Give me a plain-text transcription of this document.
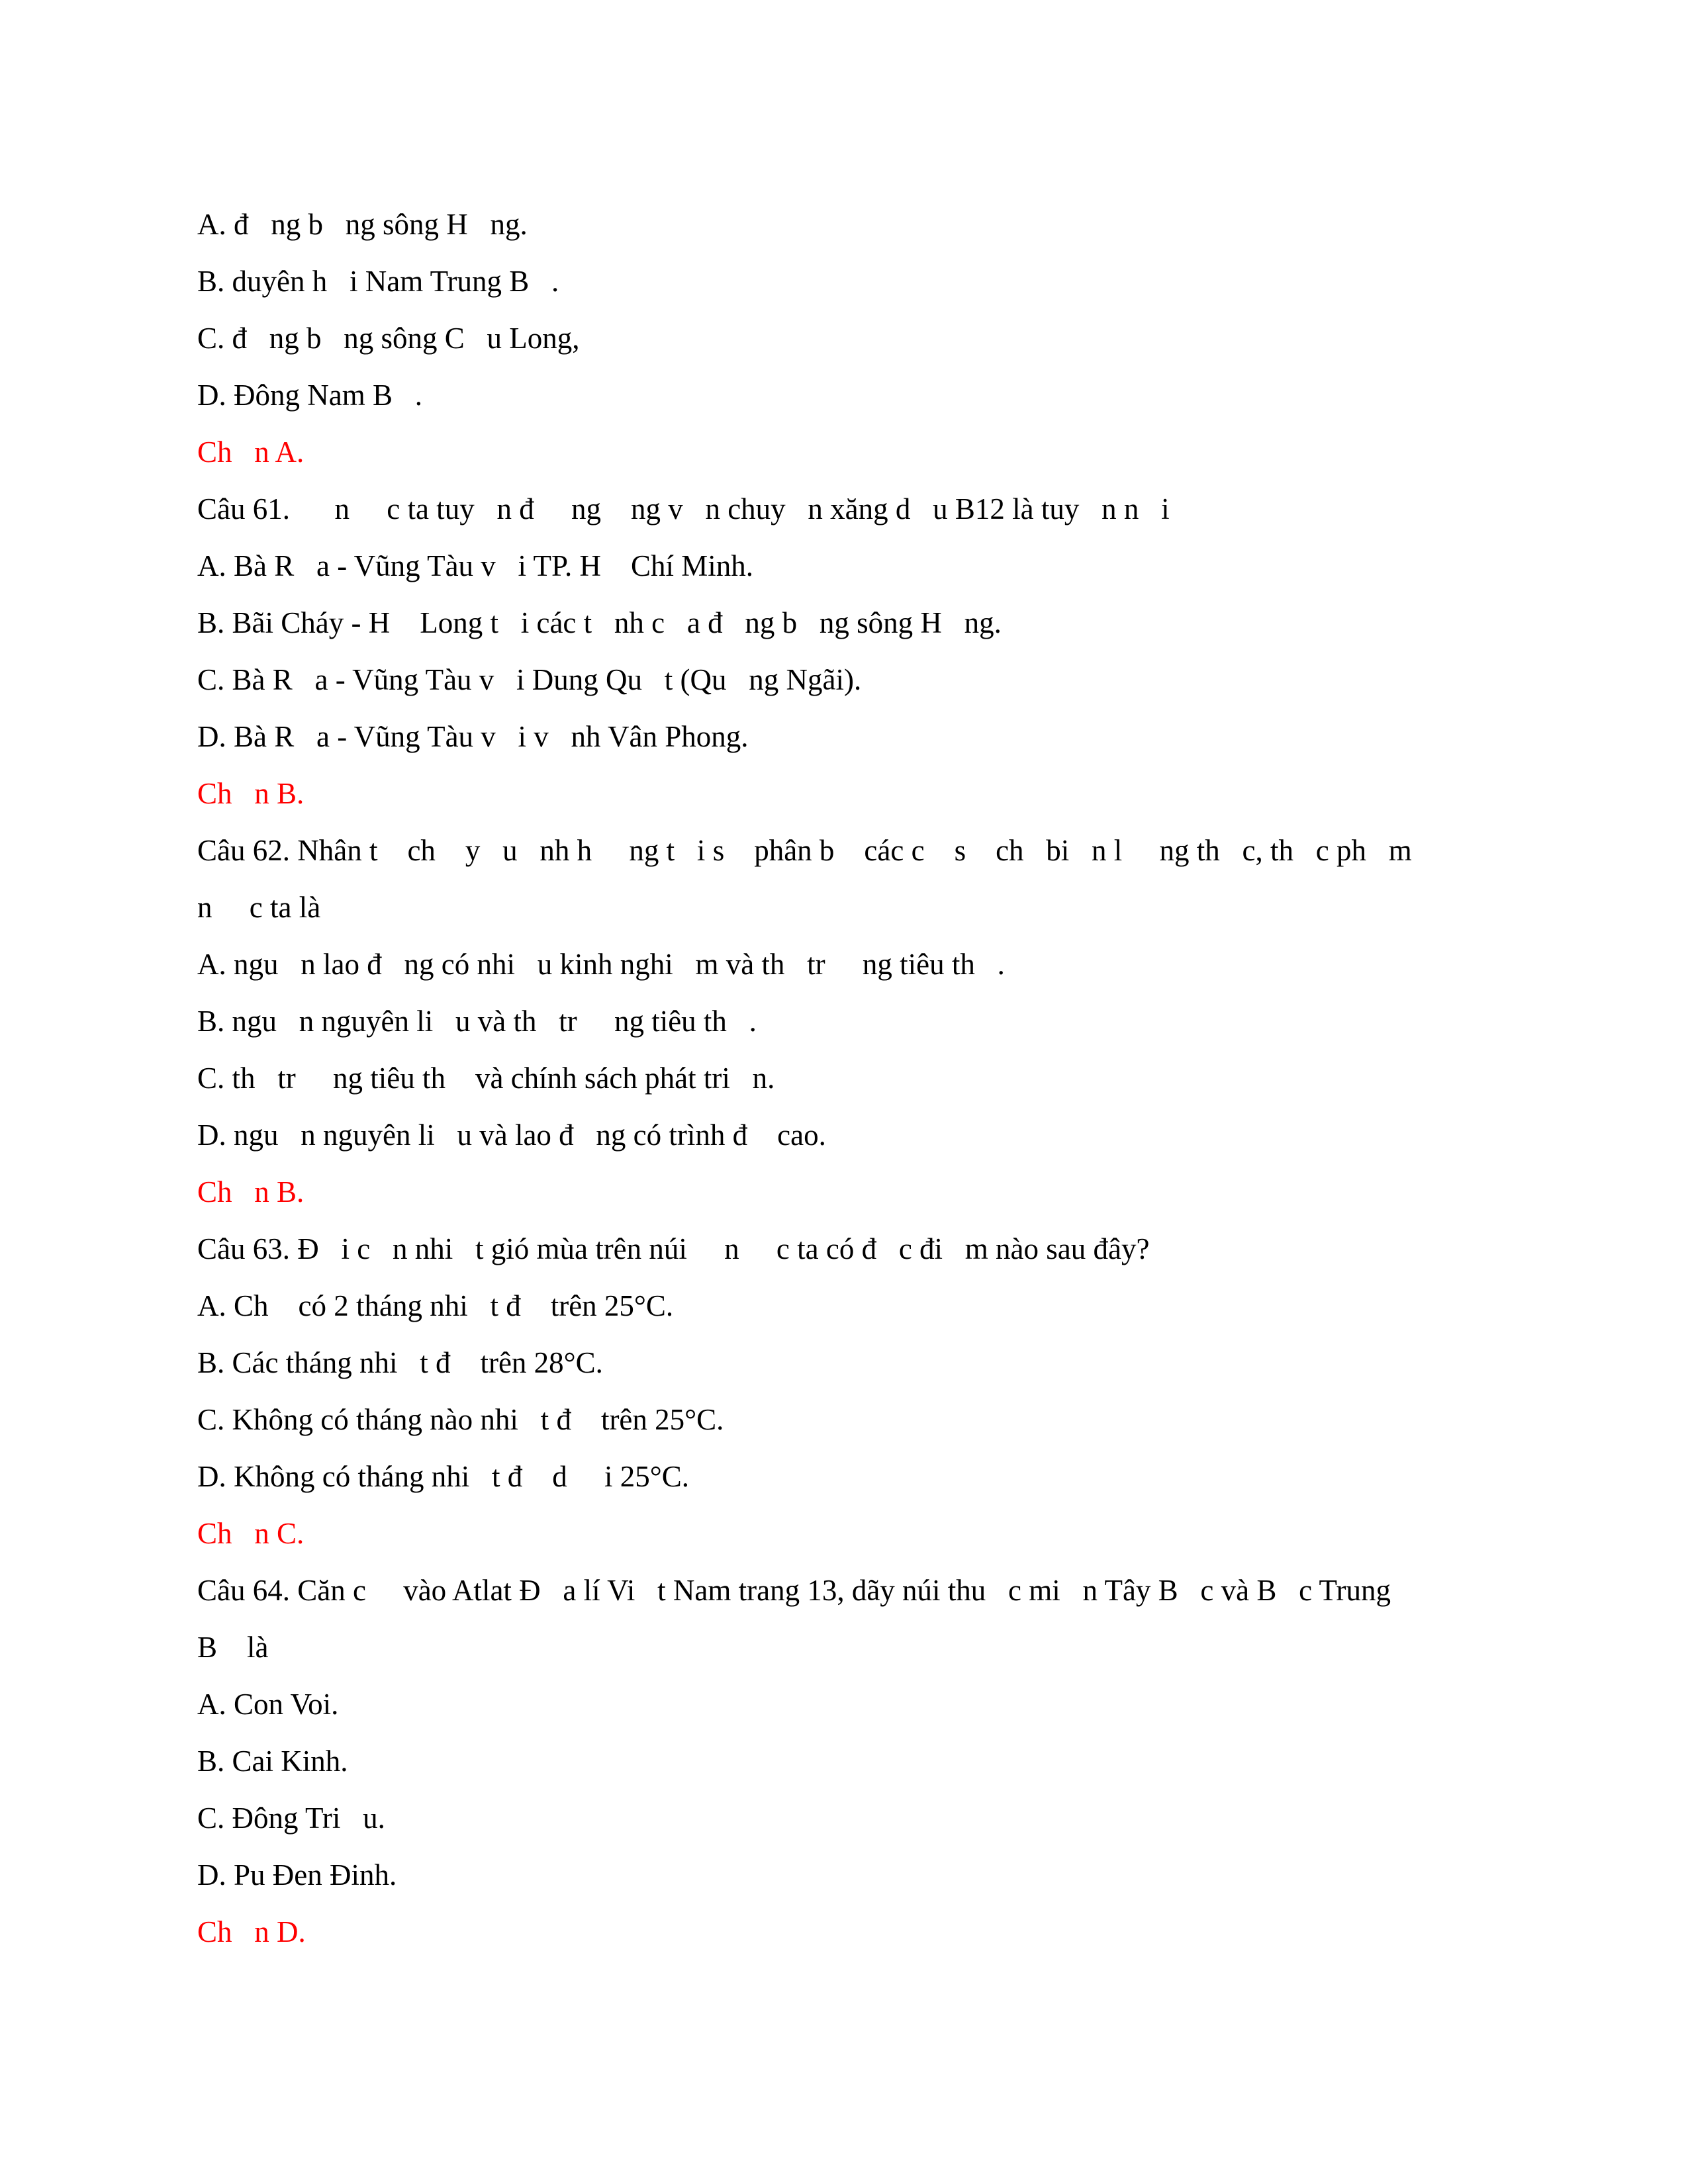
A. đ   ng b   ng sông H   ng.

B. duyên h   i Nam Trung B   .

C. đ   ng b   ng sông C   u Long,

D. Đông Nam B   .

Ch   n A.

Câu 61.      n     c ta tuy   n đ     ng    ng v   n chuy   n xăng d   u B12 là tuy   n n   i

A. Bà R   a - Vũng Tàu v   i TP. H    Chí Minh.

B. Bãi Cháy - H    Long t   i các t   nh c   a đ   ng b   ng sông H   ng.

C. Bà R   a - Vũng Tàu v   i Dung Qu   t (Qu   ng Ngãi).

D. Bà R   a - Vũng Tàu v   i v   nh Vân Phong.

Ch   n B.

Câu 62. Nhân t    ch    y   u   nh h     ng t   i s    phân b    các c    s    ch   bi   n l     ng th   c, th   c ph   m

n     c ta là

A. ngu   n lao đ   ng có nhi   u kinh nghi   m và th   tr     ng tiêu th   .

B. ngu   n nguyên li   u và th   tr     ng tiêu th   .

C. th   tr     ng tiêu th    và chính sách phát tri   n.

D. ngu   n nguyên li   u và lao đ   ng có trình đ    cao.

Ch   n B.

Câu 63. Đ   i c   n nhi   t gió mùa trên núi     n     c ta có đ   c đi   m nào sau đây?

A. Ch    có 2 tháng nhi   t đ    trên 25°C.

B. Các tháng nhi   t đ    trên 28°C.

C. Không có tháng nào nhi   t đ    trên 25°C.

D. Không có tháng nhi   t đ    d     i 25°C.

Ch   n C.

Câu 64. Căn c     vào Atlat Đ   a lí Vi   t Nam trang 13, dãy núi thu   c mi   n Tây B   c và B   c Trung

B    là

A. Con Voi.

B. Cai Kinh.

C. Đông Tri   u.

D. Pu Đen Đinh.

Ch   n D.
